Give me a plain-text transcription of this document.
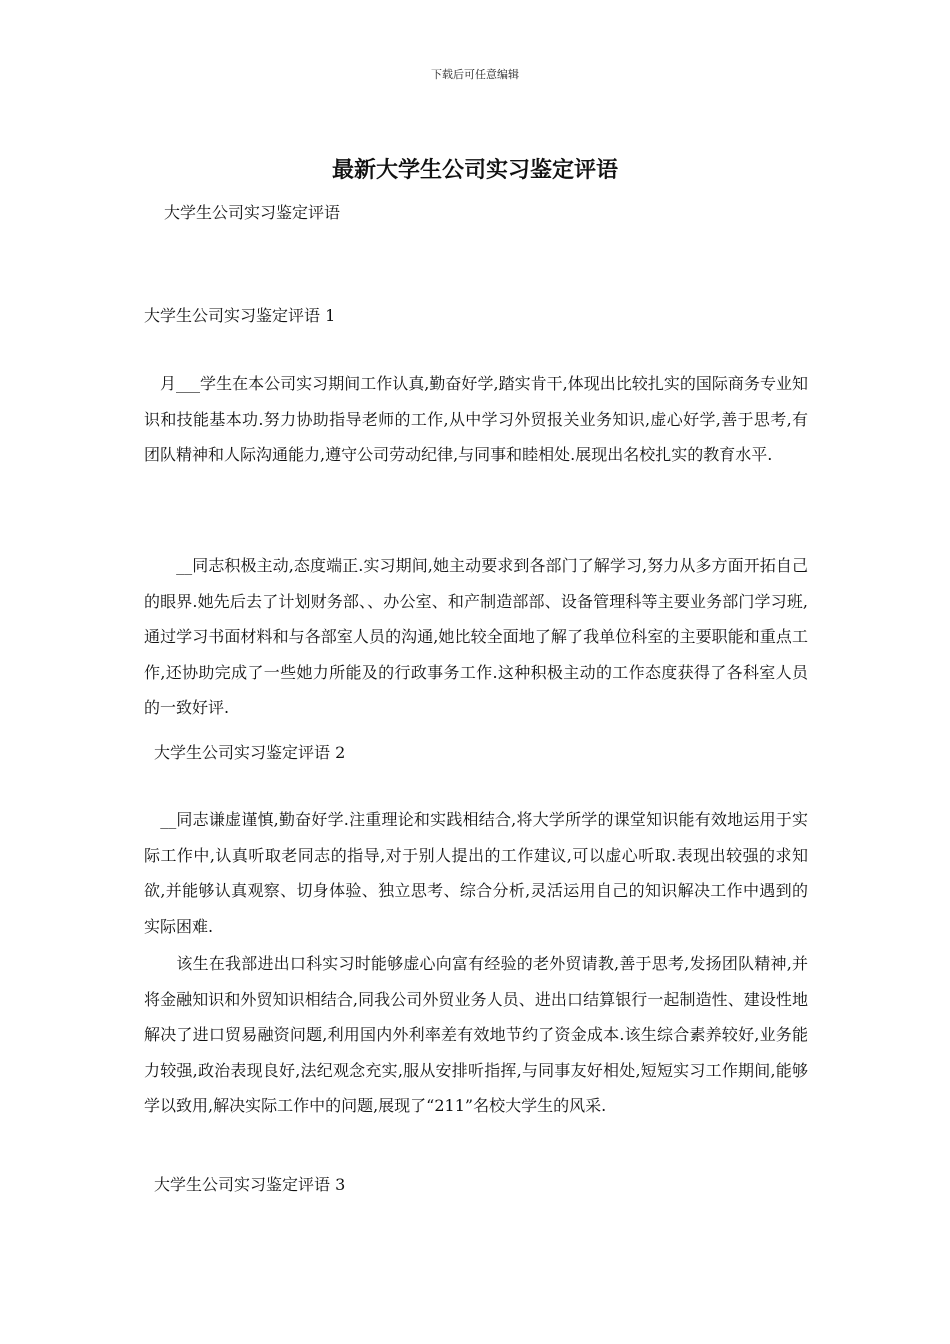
下载后可任意编辑
最新大学生公司实习鉴定评语
大学生公司实习鉴定评语
大学生公司实习鉴定评语 1
　月___学生在本公司实习期间工作认真,勤奋好学,踏实肯干,体现出比较扎实的国际商务专业知识和技能基本功.努力协助指导老师的工作,从中学习外贸报关业务知识,虚心好学,善于思考,有团队精神和人际沟通能力,遵守公司劳动纪律,与同事和睦相处.展现出名校扎实的教育水平.
　　__同志积极主动,态度端正.实习期间,她主动要求到各部门了解学习,努力从多方面开拓自己的眼界.她先后去了计划财务部、、办公室、和产制造部部、设备管理科等主要业务部门学习班,通过学习书面材料和与各部室人员的沟通,她比较全面地了解了我单位科室的主要职能和重点工作,还协助完成了一些她力所能及的行政事务工作.这种积极主动的工作态度获得了各科室人员的一致好评.
大学生公司实习鉴定评语 2
　__同志谦虚谨慎,勤奋好学.注重理论和实践相结合,将大学所学的课堂知识能有效地运用于实际工作中,认真听取老同志的指导,对于别人提出的工作建议,可以虚心听取.表现出较强的求知欲,并能够认真观察、切身体验、独立思考、综合分析,灵活运用自己的知识解决工作中遇到的实际困难.
　　该生在我部进出口科实习时能够虚心向富有经验的老外贸请教,善于思考,发扬团队精神,并将金融知识和外贸知识相结合,同我公司外贸业务人员、进出口结算银行一起制造性、建设性地解决了进口贸易融资问题,利用国内外利率差有效地节约了资金成本.该生综合素养较好,业务能力较强,政治表现良好,法纪观念充实,服从安排听指挥,与同事友好相处,短短实习工作期间,能够学以致用,解决实际工作中的问题,展现了“211”名校大学生的风采.
大学生公司实习鉴定评语 3
